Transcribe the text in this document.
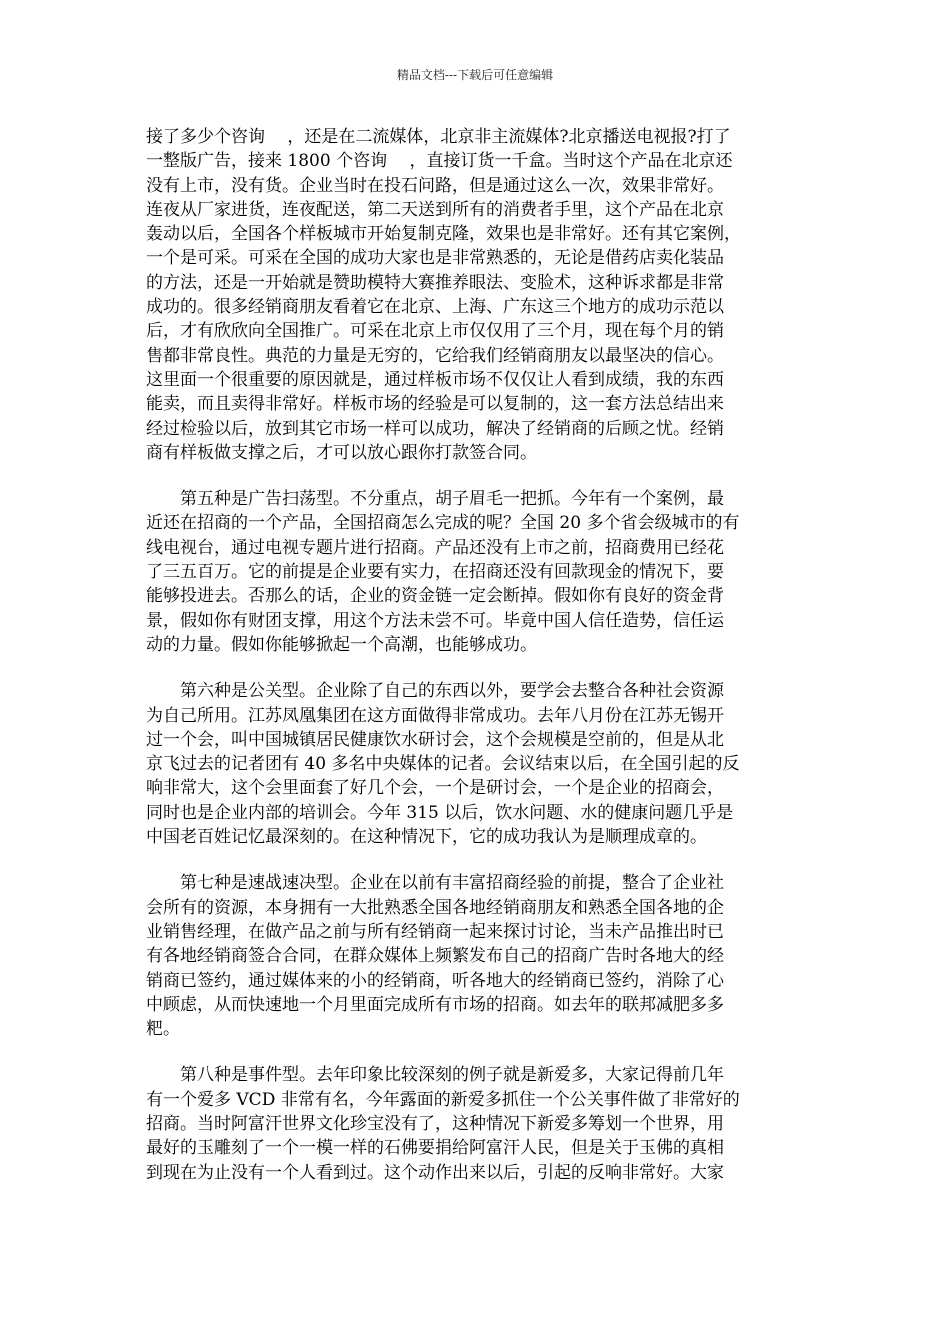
精品文档---下载后可任意编辑

接了多少个咨询　 ，还是在二流媒体，北京非主流媒体?北京播送电视报?打了
一整版广告，接来 1800 个咨询　 ，直接订货一千盒。当时这个产品在北京还
没有上市，没有货。企业当时在投石问路，但是通过这么一次，效果非常好。
连夜从厂家进货，连夜配送，第二天送到所有的消费者手里，这个产品在北京
轰动以后，全国各个样板城市开始复制克隆，效果也是非常好。还有其它案例，
一个是可采。可采在全国的成功大家也是非常熟悉的，无论是借药店卖化装品
的方法，还是一开始就是赞助模特大赛推养眼法、变脸术，这种诉求都是非常
成功的。很多经销商朋友看着它在北京、上海、广东这三个地方的成功示范以
后，才有欣欣向全国推广。可采在北京上市仅仅用了三个月，现在每个月的销
售都非常良性。典范的力量是无穷的，它给我们经销商朋友以最坚决的信心。
这里面一个很重要的原因就是，通过样板市场不仅仅让人看到成绩，我的东西
能卖，而且卖得非常好。样板市场的经验是可以复制的，这一套方法总结出来
经过检验以后，放到其它市场一样可以成功，解决了经销商的后顾之忧。经销
商有样板做支撑之后，才可以放心跟你打款签合同。

第五种是广告扫荡型。不分重点，胡子眉毛一把抓。今年有一个案例，最
近还在招商的一个产品，全国招商怎么完成的呢？全国 20 多个省会级城市的有
线电视台，通过电视专题片进行招商。产品还没有上市之前，招商费用已经花
了三五百万。它的前提是企业要有实力，在招商还没有回款现金的情况下，要
能够投进去。否那么的话，企业的资金链一定会断掉。假如你有良好的资金背
景，假如你有财团支撑，用这个方法未尝不可。毕竟中国人信任造势，信任运
动的力量。假如你能够掀起一个高潮，也能够成功。

第六种是公关型。企业除了自己的东西以外，要学会去整合各种社会资源
为自己所用。江苏凤凰集团在这方面做得非常成功。去年八月份在江苏无锡开
过一个会，叫中国城镇居民健康饮水研讨会，这个会规模是空前的，但是从北
京飞过去的记者团有 40 多名中央媒体的记者。会议结束以后，在全国引起的反
响非常大，这个会里面套了好几个会，一个是研讨会，一个是企业的招商会，
同时也是企业内部的培训会。今年 315 以后，饮水问题、水的健康问题几乎是
中国老百姓记忆最深刻的。在这种情况下，它的成功我认为是顺理成章的。

第七种是速战速决型。企业在以前有丰富招商经验的前提，整合了企业社
会所有的资源，本身拥有一大批熟悉全国各地经销商朋友和熟悉全国各地的企
业销售经理，在做产品之前与所有经销商一起来探讨讨论，当未产品推出时已
有各地经销商签合合同，在群众媒体上频繁发布自己的招商广告时各地大的经
销商已签约，通过媒体来的小的经销商，听各地大的经销商已签约，消除了心
中顾虑，从而快速地一个月里面完成所有市场的招商。如去年的联邦减肥多多
粑。

第八种是事件型。去年印象比较深刻的例子就是新爱多，大家记得前几年
有一个爱多 VCD 非常有名，今年露面的新爱多抓住一个公关事件做了非常好的
招商。当时阿富汗世界文化珍宝没有了，这种情况下新爱多筹划一个世界，用
最好的玉雕刻了一个一模一样的石佛要捐给阿富汗人民，但是关于玉佛的真相
到现在为止没有一个人看到过。这个动作出来以后，引起的反响非常好。大家
